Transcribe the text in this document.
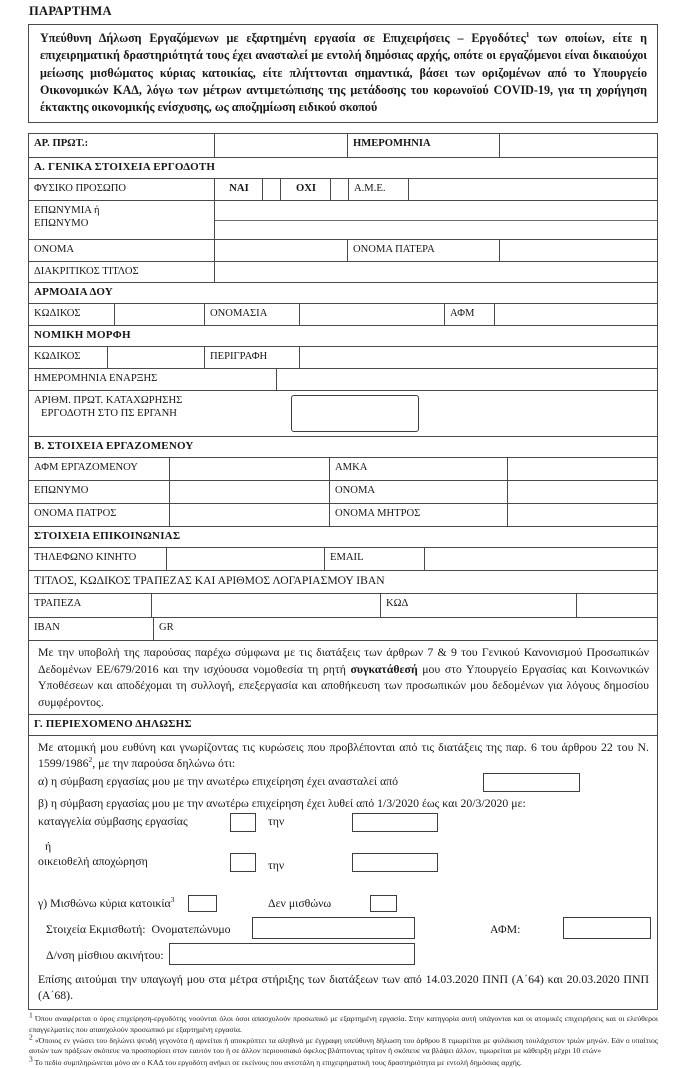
ΠΑΡΑΡΤΗΜΑ
Υπεύθυνη Δήλωση Εργαζόμενων με εξαρτημένη εργασία σε Επιχειρήσεις – Εργοδότες$^1$ των οποίων, είτε η επιχειρηματική δραστηριότητά τους έχει ανασταλεί με εντολή δημόσιας αρχής, οπότε οι εργαζόμενοι είναι δικαιούχοι μείωσης μισθώματος κύριας κατοικίας, είτε πλήττονται σημαντικά, βάσει των οριζομένων από το Υπουργείο Οικονομικών ΚΑΔ, λόγω των μέτρων αντιμετώπισης της μετάδοσης του κορωνοϊού COVID-19, για τη χορήγηση έκτακτης οικονομικής ενίσχυσης, ως αποζημίωση ειδικού σκοπού
ΑΡ. ΠΡΩΤ.:	ΗΜΕΡΟΜΗΝΙΑ
Α. ΓΕΝΙΚΑ ΣΤΟΙΧΕΙΑ ΕΡΓΟΔΟΤΗ
ΦΥΣΙΚΟ ΠΡΟΣΩΠΟ	ΝΑΙ	ΟΧΙ	Α.Μ.Ε.
ΕΠΩΝΥΜΙΑ ή
ΕΠΩΝΥΜΟ
ΟΝΟΜΑ	ΟΝΟΜΑ ΠΑΤΕΡΑ
ΔΙΑΚΡΙΤΙΚΟΣ ΤΙΤΛΟΣ
ΑΡΜΟΔΙΑ ΔΟΥ
ΚΩΔΙΚΟΣ	ΟΝΟΜΑΣΙΑ	ΑΦΜ
ΝΟΜΙΚΗ ΜΟΡΦΗ
ΚΩΔΙΚΟΣ	ΠΕΡΙΓΡΑΦΗ
ΗΜΕΡΟΜΗΝΙΑ ΕΝΑΡΞΗΣ
ΑΡΙΘΜ. ΠΡΩΤ. ΚΑΤΑΧΩΡΗΣΗΣ
ΕΡΓΟΔΟΤΗ ΣΤΟ ΠΣ ΕΡΓΑΝΗ
Β. ΣΤΟΙΧΕΙΑ ΕΡΓΑΖΟΜΕΝΟΥ
ΑΦΜ ΕΡΓΑΖΟΜΕΝΟΥ	ΑΜΚΑ
ΕΠΩΝΥΜΟ	ΟΝΟΜΑ
ΟΝΟΜΑ ΠΑΤΡΟΣ	ΟΝΟΜΑ ΜΗΤΡΟΣ
ΣΤΟΙΧΕΙΑ ΕΠΙΚΟΙΝΩΝΙΑΣ
ΤΗΛΕΦΩΝΟ ΚΙΝΗΤΟ	EMAIL
ΤΙΤΛΟΣ, ΚΩΔΙΚΟΣ ΤΡΑΠΕΖΑΣ ΚΑΙ ΑΡΙΘΜΟΣ ΛΟΓΑΡΙΑΣΜΟΥ ΙΒΑΝ
ΤΡΑΠΕΖΑ	ΚΩΔ
ΙΒΑΝ	GR
Με την υποβολή της παρούσας παρέχω σύμφωνα με τις διατάξεις των άρθρων 7 & 9 του Γενικού Κανονισμού Προσωπικών Δεδομένων ΕΕ/679/2016 και την ισχύουσα νομοθεσία τη ρητή συγκατάθεσή μου στο Υπουργείο Εργασίας και Κοινωνικών Υποθέσεων και αποδέχομαι τη συλλογή, επεξεργασία και αποθήκευση των προσωπικών μου δεδομένων για λόγους δημοσίου συμφέροντος.
Γ. ΠΕΡΙΕΧΟΜΕΝΟ ΔΗΛΩΣΗΣ

Με ατομική μου ευθύνη και γνωρίζοντας τις κυρώσεις που προβλέπονται από τις διατάξεις της παρ. 6 του άρθρου 22 του Ν. 1599/1986$^2$, με την παρούσα δηλώνω ότι:

α) η σύμβαση εργασίας μου με την ανωτέρω επιχείρηση έχει ανασταλεί από
β) η σύμβαση εργασίας μου με την ανωτέρω επιχείρηση έχει λυθεί από 1/3/2020 έως και 20/3/2020 με:
καταγγελία σύμβασης εργασίας	την
ή
οικειοθελή αποχώρηση	την
γ) Μισθώνω κύρια κατοικία$^3$	Δεν μισθώνω
Στοιχεία Εκμισθωτή: Ονοματεπώνυμο	ΑΦΜ:
Δ/νση μίσθιου ακινήτου:

Επίσης αιτούμαι την υπαγωγή μου στα μέτρα στήριξης των διατάξεων των από 14.03.2020 ΠΝΠ (Α΄64) και 20.03.2020 ΠΝΠ (Α΄68).

$^1$ Όπου αναφέρεται ο όρος επιχείρηση-εργοδότης νοούνται όλοι όσοι απασχολούν προσωπικό με εξαρτημένη εργασία. Στην κατηγορία αυτή υπάγονται και οι ατομικές επιχειρήσεις και οι ελεύθεροι επαγγελματίες που απασχολούν προσωπικό με εξαρτημένη εργασία.
$^2$ «Όποιος εν γνώσει του δηλώνει ψευδή γεγονότα ή αρνείται ή αποκρύπτει τα αληθινά με έγγραφη υπεύθυνη δήλωση του άρθρου 8 τιμωρείται με φυλάκιση τουλάχιστον τριών μηνών. Εάν ο υπαίτιος αυτών των πράξεων σκόπευε να προσπορίσει στον εαυτόν του ή σε άλλον περιουσιακό όφελος βλάπτοντας τρίτον ή σκόπευε να βλάψει άλλον, τιμωρείται με κάθειρξη μέχρι 10 ετών»
$^3$ Το πεδίο συμπληρώνεται μόνο αν ο ΚΑΔ του εργοδότη ανήκει σε εκείνους που ανεστάλη η επιχειρηματική τους δραστηριότητα με εντολή δημόσιας αρχής.
